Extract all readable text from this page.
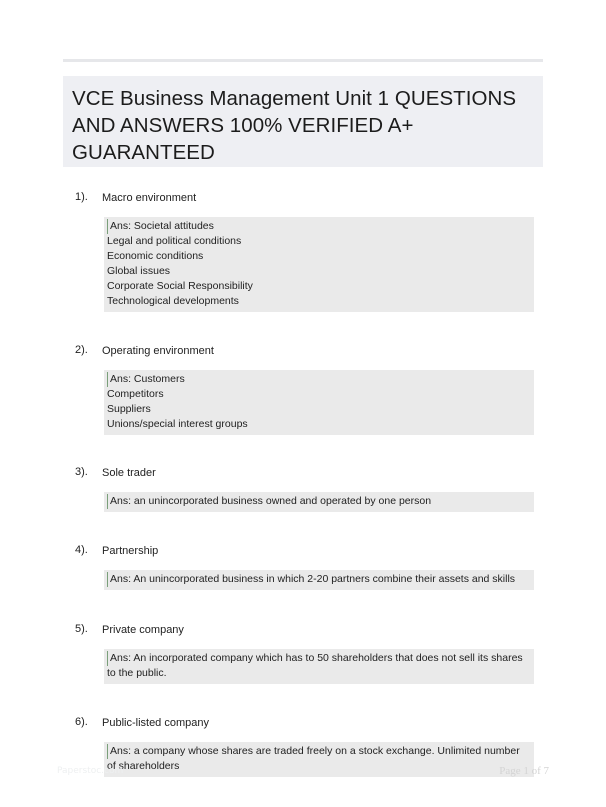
VCE Business Management Unit 1 QUESTIONS AND ANSWERS 100% VERIFIED A+ GUARANTEED
1). Macro environment
Ans: Societal attitudes
Legal and political conditions
Economic conditions
Global issues
Corporate Social Responsibility
Technological developments
2). Operating environment
Ans: Customers
Competitors
Suppliers
Unions/special interest groups
3). Sole trader
Ans: an unincorporated business owned and operated by one person
4). Partnership
Ans: An unincorporated business in which 2-20 partners combine their assets and skills
5). Private company
Ans: An incorporated company which has to 50 shareholders that does not sell its shares
to the public.
6). Public-listed company
Ans: a company whose shares are traded freely on a stock exchange. Unlimited number
of shareholders
Paperstoc.com	Page 1 of 7
